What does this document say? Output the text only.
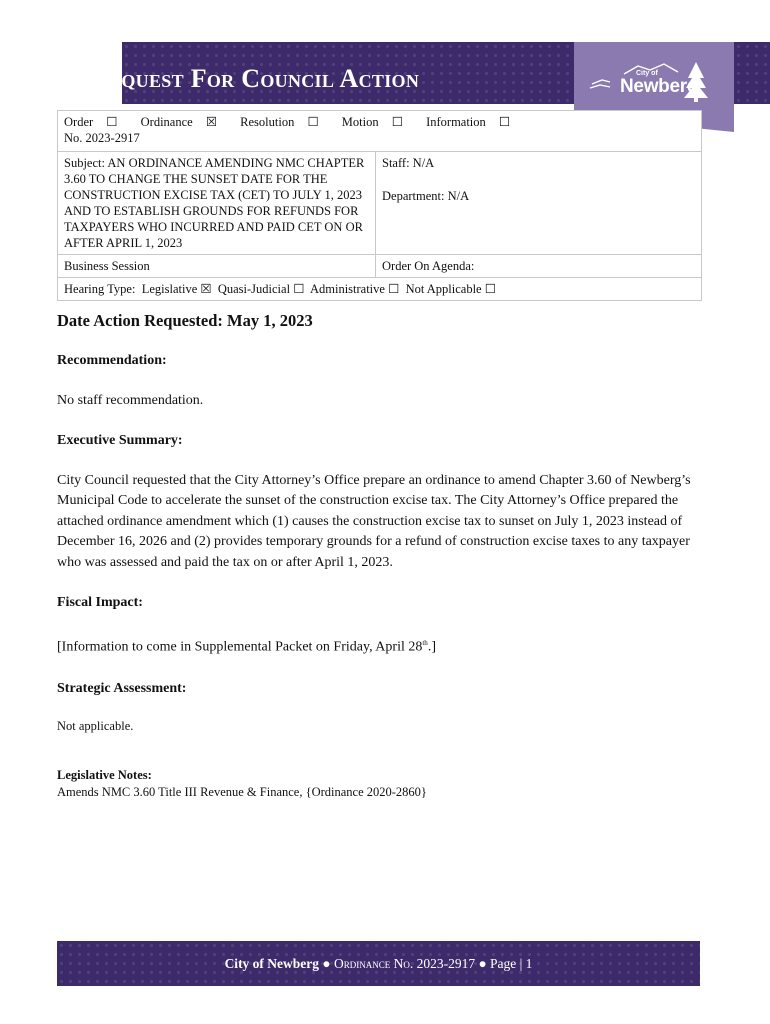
Request For Council Action	City of
Newberg
Order ☐ Ordinance ☒ Resolution ☐ Motion ☐ Information ☐
No. 2023-2917	

Subject: AN ORDINANCE AMENDING NMC CHAPTER 3.60 TO CHANGE THE SUNSET DATE FOR THE CONSTRUCTION EXCISE TAX (CET) TO JULY 1, 2023 AND TO ESTABLISH GROUNDS FOR REFUNDS FOR TAXPAYERS WHO INCURRED AND PAID CET ON OR AFTER APRIL 1, 2023	Staff: N/A
Department: N/A

Business Session	Order On Agenda:
Hearing Type: Legislative ☒ Quasi-Judicial ☐ Administrative ☐ Not Applicable ☐	

Date Action Requested: May 1, 2023

Recommendation:

No staff recommendation.

Executive Summary:

City Council requested that the City Attorney’s Office prepare an ordinance to amend Chapter 3.60 of Newberg’s Municipal Code to accelerate the sunset of the construction excise tax. The City Attorney’s Office prepared the attached ordinance amendment which (1) causes the construction excise tax to sunset on July 1, 2023 instead of December 16, 2026 and (2) provides temporary grounds for a refund of construction excise taxes to any taxpayer who was assessed and paid the tax on or after April 1, 2023.

Fiscal Impact:

[Information to come in Supplemental Packet on Friday, April 28th.]

Strategic Assessment:

Not applicable.

Legislative Notes:

Amends NMC 3.60 Title III Revenue & Finance, {Ordinance 2020-2860}

City of Newberg ● Ordinance No. 2023-2917 ● Page | 1
